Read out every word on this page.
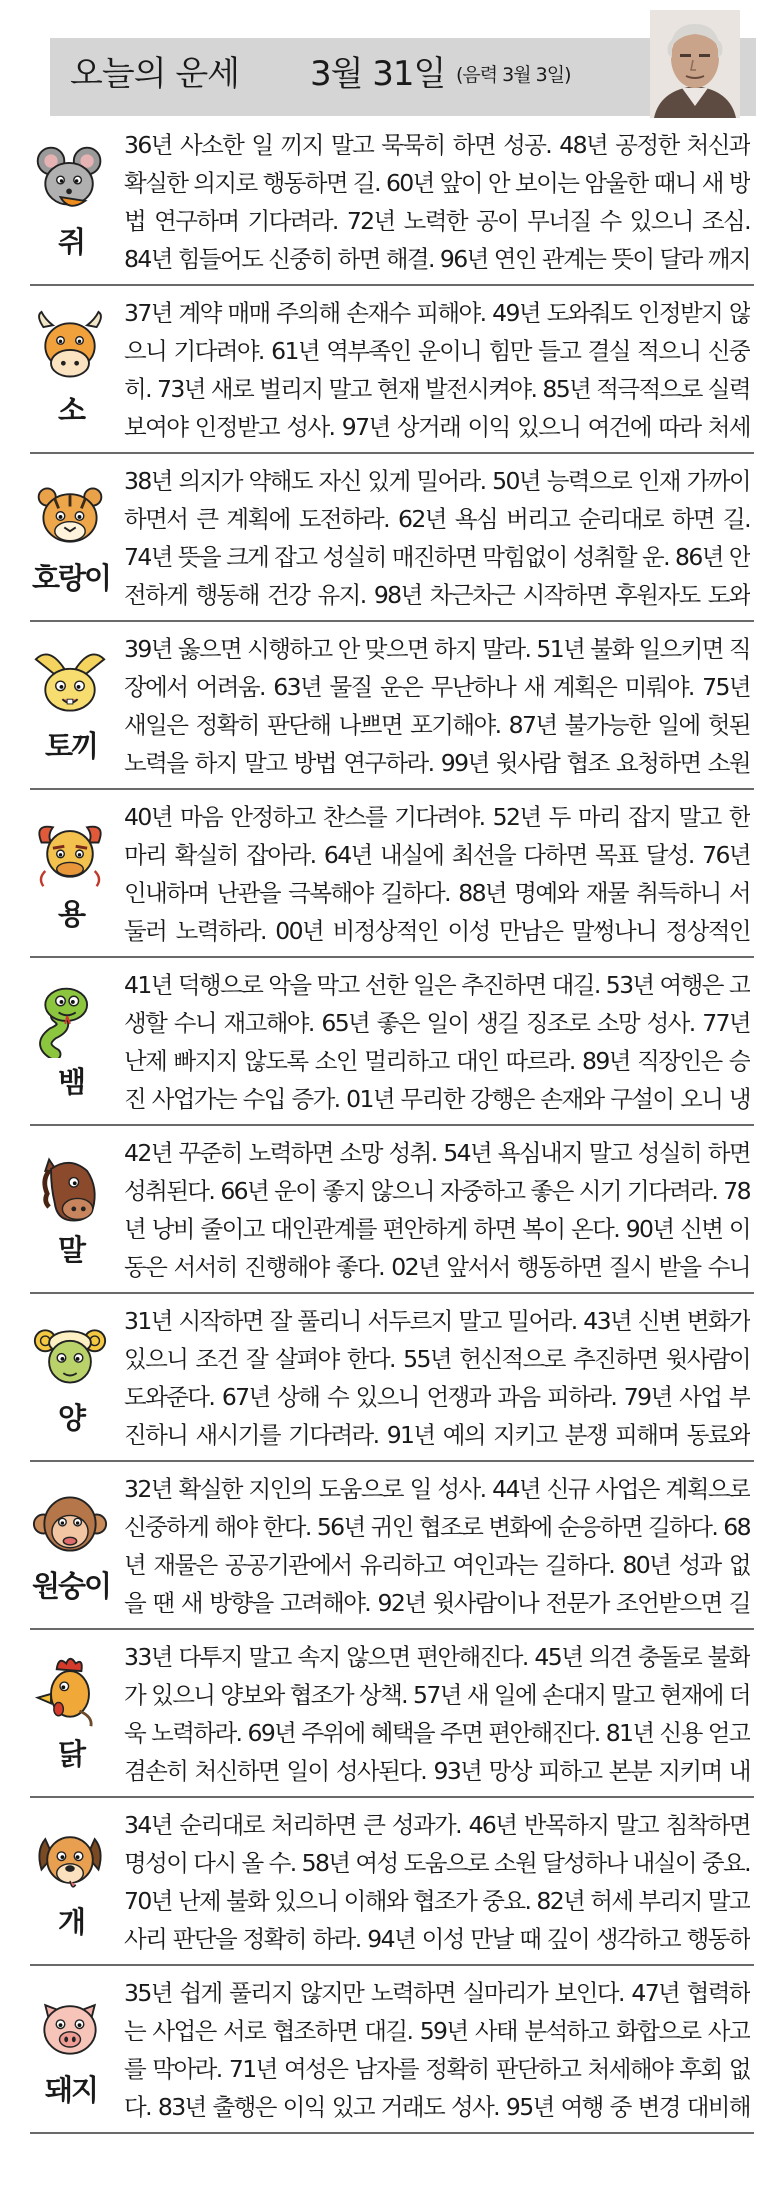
오늘의 운세 3월 31일 (음력 3월 3일)
쥐
36년 사소한 일 끼지 말고 묵묵히 하면 성공. 48년 공정한 처신과 확실한 의지로 행동하면 길. 60년 앞이 안 보이는 암울한 때니 새 방법 연구하며 기다려라. 72년 노력한 공이 무너질 수 있으니 조심. 84년 힘들어도 신중히 하면 해결. 96년 연인 관계는 뜻이 달라 깨지
소
37년 계약 매매 주의해 손재수 피해야. 49년 도와줘도 인정받지 않으니 기다려야. 61년 역부족인 운이니 힘만 들고 결실 적으니 신중히. 73년 새로 벌리지 말고 현재 발전시켜야. 85년 적극적으로 실력 보여야 인정받고 성사. 97년 상거래 이익 있으니 여건에 따라 처세
호랑이
38년 의지가 약해도 자신 있게 밀어라. 50년 능력으로 인재 가까이하면서 큰 계획에 도전하라. 62년 욕심 버리고 순리대로 하면 길. 74년 뜻을 크게 잡고 성실히 매진하면 막힘없이 성취할 운. 86년 안전하게 행동해 건강 유지. 98년 차근차근 시작하면 후원자도 도와
토끼
39년 옳으면 시행하고 안 맞으면 하지 말라. 51년 불화 일으키면 직장에서 어려움. 63년 물질 운은 무난하나 새 계획은 미뤄야. 75년 새일은 정확히 판단해 나쁘면 포기해야. 87년 불가능한 일에 헛된 노력을 하지 말고 방법 연구하라. 99년 윗사람 협조 요청하면 소원
용
40년 마음 안정하고 찬스를 기다려야. 52년 두 마리 잡지 말고 한 마리 확실히 잡아라. 64년 내실에 최선을 다하면 목표 달성. 76년 인내하며 난관을 극복해야 길하다. 88년 명예와 재물 취득하니 서둘러 노력하라. 00년 비정상적인 이성 만남은 말썽나니 정상적인
뱀
41년 덕행으로 악을 막고 선한 일은 추진하면 대길. 53년 여행은 고생할 수니 재고해야. 65년 좋은 일이 생길 징조로 소망 성사. 77년 난제 빠지지 않도록 소인 멀리하고 대인 따르라. 89년 직장인은 승진 사업가는 수입 증가. 01년 무리한 강행은 손재와 구설이 오니 냉
말
42년 꾸준히 노력하면 소망 성취. 54년 욕심내지 말고 성실히 하면 성취된다. 66년 운이 좋지 않으니 자중하고 좋은 시기 기다려라. 78년 낭비 줄이고 대인관계를 편안하게 하면 복이 온다. 90년 신변 이동은 서서히 진행해야 좋다. 02년 앞서서 행동하면 질시 받을 수니
양
31년 시작하면 잘 풀리니 서두르지 말고 밀어라. 43년 신변 변화가 있으니 조건 잘 살펴야 한다. 55년 헌신적으로 추진하면 윗사람이 도와준다. 67년 상해 수 있으니 언쟁과 과음 피하라. 79년 사업 부진하니 새시기를 기다려라. 91년 예의 지키고 분쟁 피해며 동료와
원숭이
32년 확실한 지인의 도움으로 일 성사. 44년 신규 사업은 계획으로 신중하게 해야 한다. 56년 귀인 협조로 변화에 순응하면 길하다. 68년 재물은 공공기관에서 유리하고 여인과는 길하다. 80년 성과 없을 땐 새 방향을 고려해야. 92년 윗사람이나 전문가 조언받으면 길
닭
33년 다투지 말고 속지 않으면 편안해진다. 45년 의견 충돌로 불화가 있으니 양보와 협조가 상책. 57년 새 일에 손대지 말고 현재에 더욱 노력하라. 69년 주위에 혜택을 주면 편안해진다. 81년 신용 얻고 겸손히 처신하면 일이 성사된다. 93년 망상 피하고 본분 지키며 내
개
34년 순리대로 처리하면 큰 성과가. 46년 반목하지 말고 침착하면 명성이 다시 올 수. 58년 여성 도움으로 소원 달성하나 내실이 중요. 70년 난제 불화 있으니 이해와 협조가 중요. 82년 허세 부리지 말고 사리 판단을 정확히 하라. 94년 이성 만날 때 깊이 생각하고 행동하
돼지
35년 쉽게 풀리지 않지만 노력하면 실마리가 보인다. 47년 협력하는 사업은 서로 협조하면 대길. 59년 사태 분석하고 화합으로 사고를 막아라. 71년 여성은 남자를 정확히 판단하고 처세해야 후회 없다. 83년 출행은 이익 있고 거래도 성사. 95년 여행 중 변경 대비해
